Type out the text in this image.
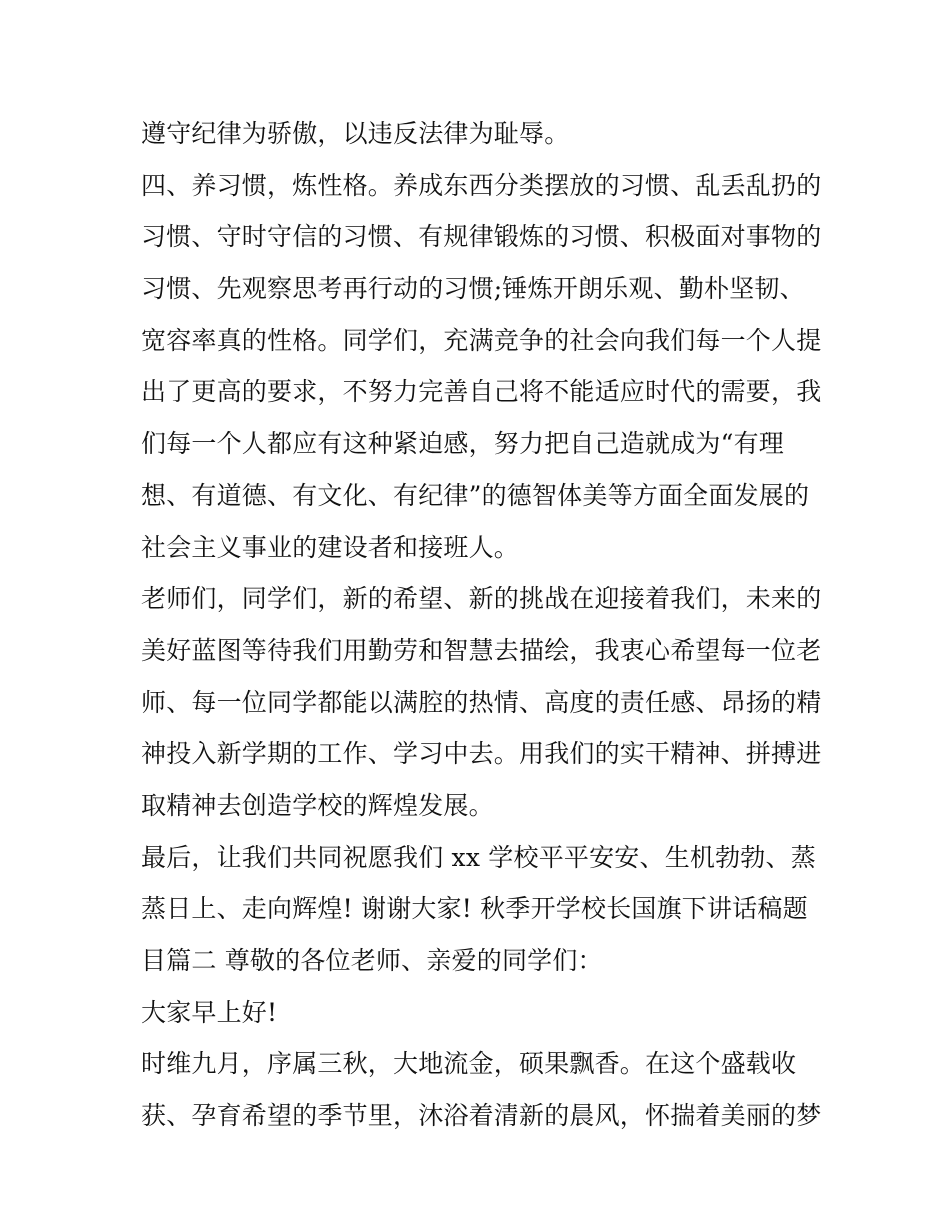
遵守纪律为骄傲，以违反法律为耻辱。
四、养习惯，炼性格。养成东西分类摆放的习惯、乱丢乱扔的
习惯、守时守信的习惯、有规律锻炼的习惯、积极面对事物的
习惯、先观察思考再行动的习惯;锤炼开朗乐观、勤朴坚韧、
宽容率真的性格。同学们，充满竞争的社会向我们每一个人提
出了更高的要求，不努力完善自己将不能适应时代的需要，我
们每一个人都应有这种紧迫感，努力把自己造就成为“有理
想、有道德、有文化、有纪律”的德智体美等方面全面发展的
社会主义事业的建设者和接班人。
老师们，同学们，新的希望、新的挑战在迎接着我们，未来的
美好蓝图等待我们用勤劳和智慧去描绘，我衷心希望每一位老
师、每一位同学都能以满腔的热情、高度的责任感、昂扬的精
神投入新学期的工作、学习中去。用我们的实干精神、拼搏进
取精神去创造学校的辉煌发展。
最后，让我们共同祝愿我们 xx 学校平平安安、生机勃勃、蒸
蒸日上、走向辉煌! 谢谢大家! 秋季开学校长国旗下讲话稿题
目篇二 尊敬的各位老师、亲爱的同学们：
大家早上好!
时维九月，序属三秋，大地流金，硕果飘香。在这个盛载收
获、孕育希望的季节里，沐浴着清新的晨风，怀揣着美丽的梦
